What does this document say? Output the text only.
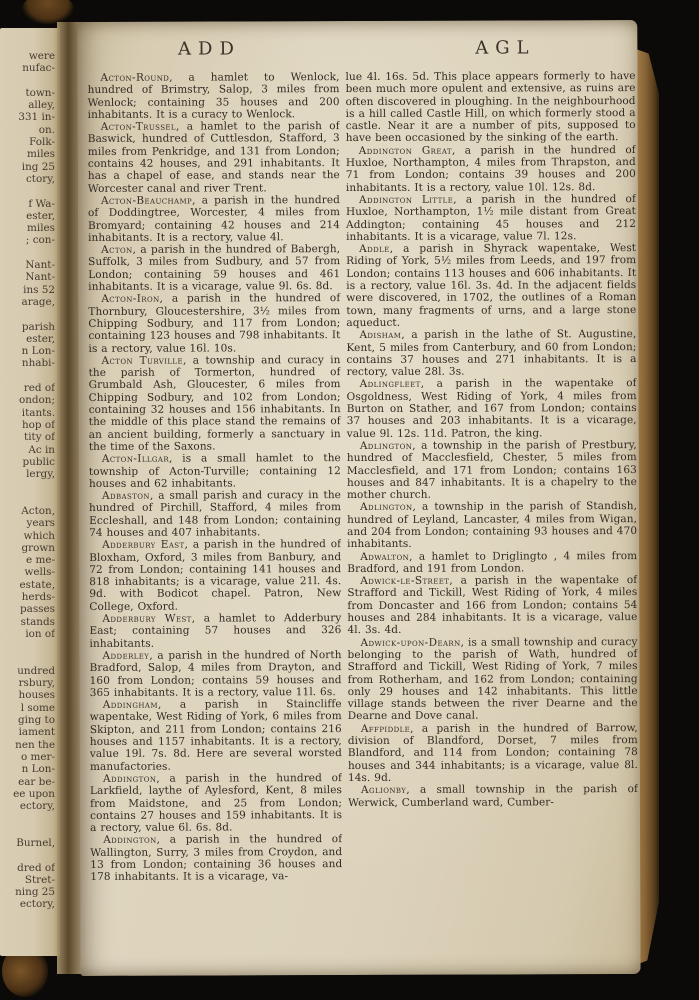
were
nufac-
town-
alley,
331 in-
on.
Folk-
miles
ing 25
ctory,
f Wa-
ester,
miles
; con-
Nant-
Nant-
ins 52
arage,
parish
ester,
n Lon-
nhabi-
red of
ondon;
itants.
hop of
tity of
Ac in
public
lergy,
Acton,
years
which
grown
e me-
wells-
estate,
herds-
passes
stands
ion of
undred
rsbury,
houses
l some
ging to
iament
nen the
o mer-
n Lon-
ear be-
ee upon
ectory,
Burnel,
dred of
Stret-
ning 25
ectory,
ADD	AGL

Acton-Round, a hamlet to Wenlock, hundred of Brimstry, Salop, 3 miles from Wenlock; containing 35 houses and 200 inhabitants. It is a curacy to Wenlock.

Acton-Trussel, a hamlet to the parish of Baswick, hundred of Cuttlesdon, Stafford, 3 miles from Penkridge, and 131 from London; contains 42 houses, and 291 inhabitants. It has a chapel of ease, and stands near the Worcester canal and river Trent.

Acton-Beauchamp, a parish in the hundred of Doddingtree, Worcester, 4 miles from Bromyard; containing 42 houses and 214 inhabitants. It is a rectory, value 4l.

Acton, a parish in the hundred of Babergh, Suffolk, 3 miles from Sudbury, and 57 from London; containing 59 houses and 461 inhabitants. It is a vicarage, value 9l. 6s. 8d.

Acton-Iron, a parish in the hundred of Thornbury, Gloucestershire, 3½ miles from Chipping Sodbury, and 117 from London; containing 123 houses and 798 inhabitants. It is a rectory, value 16l. 10s.

Acton Turville, a township and curacy in the parish of Tormerton, hundred of Grumbald Ash, Gloucester, 6 miles from Chipping Sodbury, and 102 from London; containing 32 houses and 156 inhabitants. In the middle of this place stand the remains of an ancient building, formerly a sanctuary in the time of the Saxons.

Acton-Illgar, is a small hamlet to the township of Acton-Turville; containing 12 houses and 62 inhabitants.

Adbaston, a small parish and curacy in the hundred of Pirchill, Stafford, 4 miles from Eccleshall, and 148 from London; containing 74 houses and 407 inhabitants.

Adderbury East, a parish in the hundred of Bloxham, Oxford, 3 miles from Banbury, and 72 from London; containing 141 houses and 818 inhabitants; is a vicarage, value 21l. 4s. 9d. with Bodicot chapel. Patron, New College, Oxford.

Adderbury West, a hamlet to Adderbury East; containing 57 houses and 326 inhabitants.

Adderley, a parish in the hundred of North Bradford, Salop, 4 miles from Drayton, and 160 from London; contains 59 houses and 365 inhabitants. It is a rectory, value 11l. 6s.

Addingham, a parish in Staincliffe wapentake, West Riding of York, 6 miles from Skipton, and 211 from London; contains 216 houses and 1157 inhabitants. It is a rectory, value 19l. 7s. 8d. Here are several worsted manufactories.

Addington, a parish in the hundred of Larkfield, laythe of Aylesford, Kent, 8 miles from Maidstone, and 25 from London; contains 27 houses and 159 inhabitants. It is a rectory, value 6l. 6s. 8d.

Addington, a parish in the hundred of Wallington, Surry, 3 miles from Croydon, and 13 from London; containing 36 houses and 178 inhabitants. It is a vicarage, va-

lue 4l. 16s. 5d. This place appears formerly to have been much more opulent and extensive, as ruins are often discovered in ploughing. In the neighbourhood is a hill called Castle Hill, on which formerly stood a castle. Near it are a number of pits, supposed to have been occasioned by the sinking of the earth.

Addington Great, a parish in the hundred of Huxloe, Northampton, 4 miles from Thrapston, and 71 from London; contains 39 houses and 200 inhabitants. It is a rectory, value 10l. 12s. 8d.

Addington Little, a parish in the hundred of Huxloe, Northampton, 1½ mile distant from Great Addington; containing 45 houses and 212 inhabitants. It is a vicarage, value 7l. 12s.

Addle, a parish in Shyrack wapentake, West Riding of York, 5½ miles from Leeds, and 197 from London; contains 113 houses and 606 inhabitants. It is a rectory, value 16l. 3s. 4d. In the adjacent fields were discovered, in 1702, the outlines of a Roman town, many fragments of urns, and a large stone aqueduct.

Adisham, a parish in the lathe of St. Augustine, Kent, 5 miles from Canterbury, and 60 from London; contains 37 houses and 271 inhabitants. It is a rectory, value 28l. 3s.

Adlingfleet, a parish in the wapentake of Osgoldness, West Riding of York, 4 miles from Burton on Stather, and 167 from London; contains 37 houses and 203 inhabitants. It is a vicarage, value 9l. 12s. 11d. Patron, the king.

Adlington, a township in the parish of Prestbury, hundred of Macclesfield, Chester, 5 miles from Macclesfield, and 171 from London; contains 163 houses and 847 inhabitants. It is a chapelry to the mother church.

Adlington, a township in the parish of Standish, hundred of Leyland, Lancaster, 4 miles from Wigan, and 204 from London; containing 93 houses and 470 inhabitants.

Adwalton, a hamlet to Driglingto , 4 miles from Bradford, and 191 from London.

Adwick-le-Street, a parish in the wapentake of Strafford and Tickill, West Riding of York, 4 miles from Doncaster and 166 from London; contains 54 houses and 284 inhabitants. It is a vicarage, value 4l. 3s. 4d.

Adwick-upon-Dearn, is a small township and curacy belonging to the parish of Wath, hundred of Strafford and Tickill, West Riding of York, 7 miles from Rotherham, and 162 from London; containing only 29 houses and 142 inhabitants. This little village stands between the river Dearne and the Dearne and Dove canal.

Affpiddle, a parish in the hundred of Barrow, division of Blandford, Dorset, 7 miles from Blandford, and 114 from London; containing 78 houses and 344 inhabitants; is a vicarage, value 8l. 14s. 9d.

Aglionby, a small township in the parish of Werwick, Cumberland ward, Cumber-
